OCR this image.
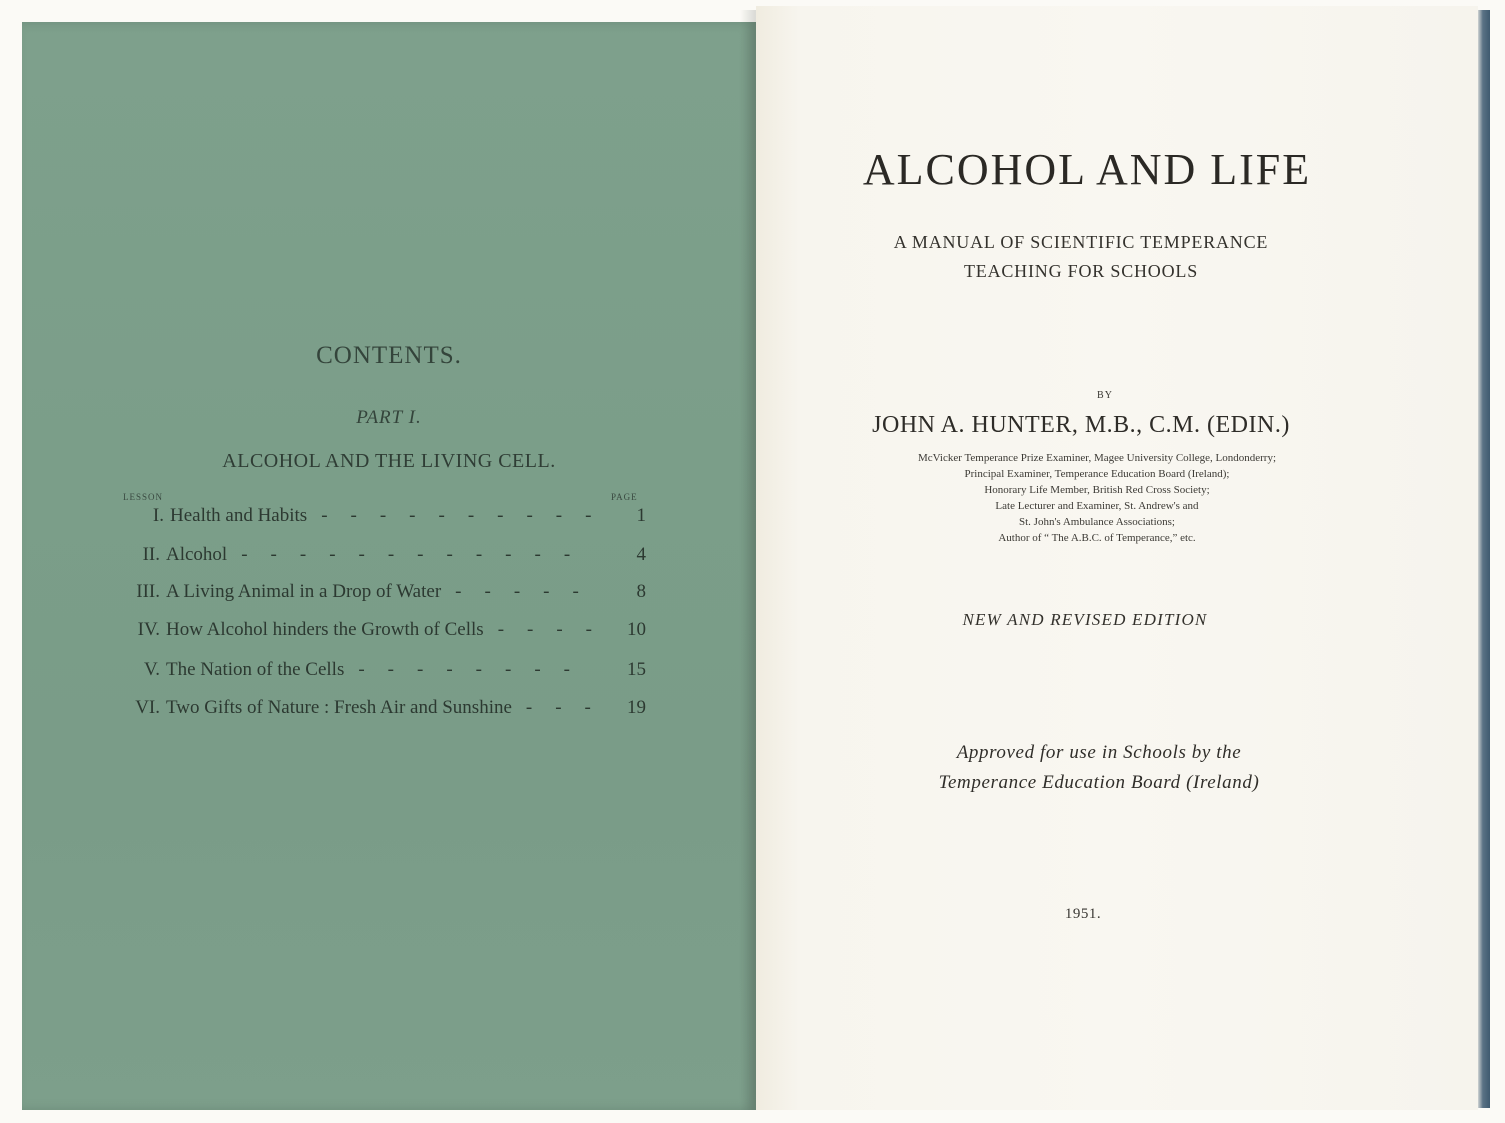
CONTENTS.
PART I.
ALCOHOL AND THE LIVING CELL.
LESSON	PAGE
I. Health and Habits	1
----------
II. Alcohol	4
------------
III. A Living Animal in a Drop of Water	8
-----
IV. How Alcohol hinders the Growth of Cells	10
----
V. The Nation of the Cells	15
--------
VI. Two Gifts of Nature : Fresh Air and Sunshine	19
---
ALCOHOL AND LIFE
A MANUAL OF SCIENTIFIC TEMPERANCE
TEACHING FOR SCHOOLS
BY
JOHN A. HUNTER, M.B., C.M. (EDIN.)
McVicker Temperance Prize Examiner, Magee University College, Londonderry;
Principal Examiner, Temperance Education Board (Ireland);
Honorary Life Member, British Red Cross Society;
Late Lecturer and Examiner, St. Andrew's and
St. John's Ambulance Associations;
Author of “ The A.B.C. of Temperance,” etc.
NEW AND REVISED EDITION
Approved for use in Schools by the
Temperance Education Board (Ireland)
1951.
